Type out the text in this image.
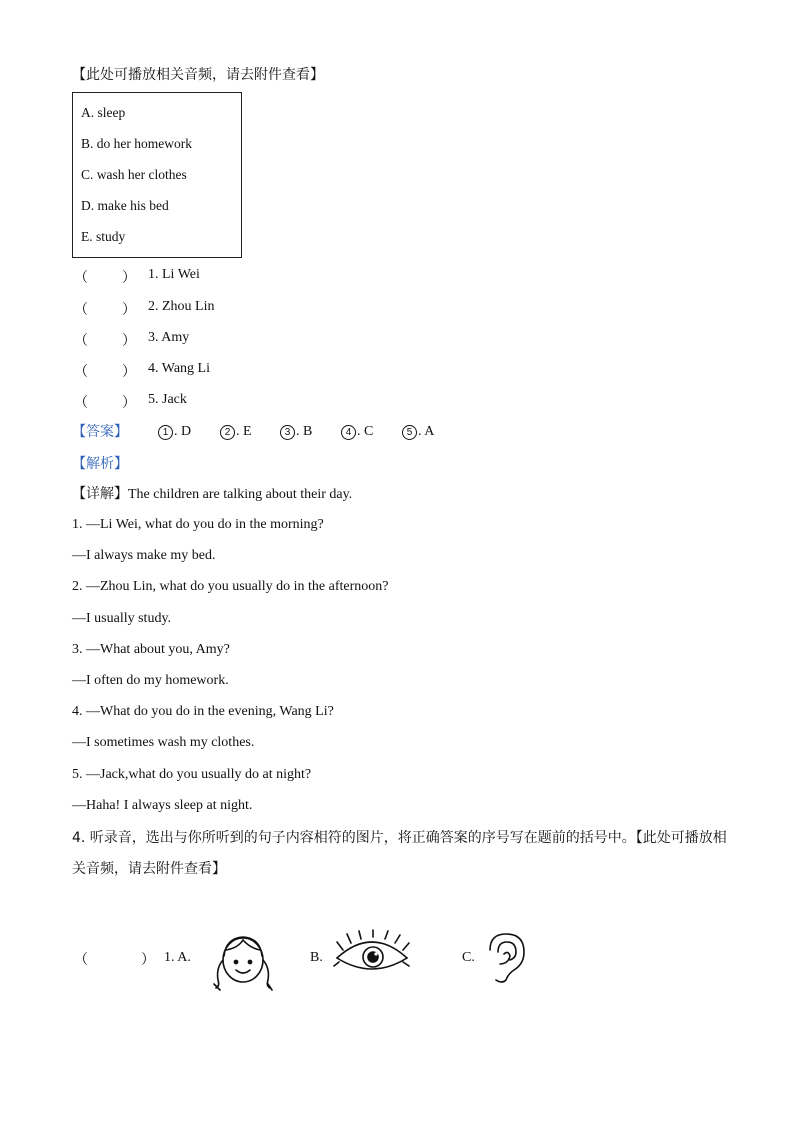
【此处可播放相关音频，请去附件查看】
A. sleep
B. do her homework
C. wash her clothes
D. make his bed
E. study
（ ） 1. Li Wei
（ ） 2. Zhou Lin
（ ） 3. Amy
（ ） 4. Wang Li
（ ） 5. Jack
【答案】	1 . D	2 . E	3 . B	4 . C	5 . A
【解析】
【详解】The children are talking about their day.
1. —Li Wei, what do you do in the morning?
—I always make my bed.
2. —Zhou Lin, what do you usually do in the afternoon?
—I usually study.
3. —What about you, Amy?
—I often do my homework.
4. —What do you do in the evening, Wang Li?
—I sometimes wash my clothes.
5. —Jack,what do you usually do at night?
—Haha! I always sleep at night.
4. 听录音，选出与你所听到的句子内容相符的图片，将正确答案的序号写在题前的括号中。【此处可播放相
关音频，请去附件查看】
（	） 1. A.	B.	C.
